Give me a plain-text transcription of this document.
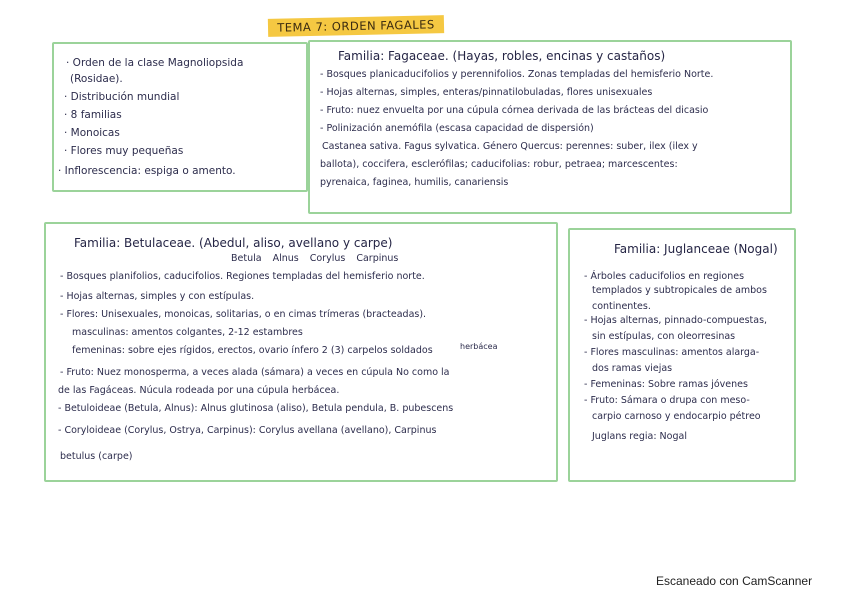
TEMA 7: ORDEN FAGALES
· Orden de la clase Magnoliopsida
(Rosidae).
· Distribución mundial
· 8 familias
· Monoicas
· Flores muy pequeñas
· Inflorescencia: espiga o amento.
Familia: Fagaceae. (Hayas, robles, encinas y castaños)
- Bosques planicaducifolios y perennifolios. Zonas templadas del hemisferio Norte.
- Hojas alternas, simples, enteras/pinnatilobuladas, flores unisexuales
- Fruto: nuez envuelta por una cúpula córnea derivada de las brácteas del dicasio
- Polinización anemófila (escasa capacidad de dispersión)
Castanea sativa. Fagus sylvatica. Género Quercus: perennes: suber, ilex (ilex y
ballota), coccifera, esclerófilas; caducifolias: robur, petraea; marcescentes:
pyrenaica, faginea, humilis, canariensis
Familia: Betulaceae. (Abedul, aliso, avellano y carpe)
Betula Alnus Corylus Carpinus
- Bosques planifolios, caducifolios. Regiones templadas del hemisferio norte.
- Hojas alternas, simples y con estípulas.
- Flores: Unisexuales, monoicas, solitarias, o en cimas trímeras (bracteadas).
masculinas: amentos colgantes, 2-12 estambres
femeninas: sobre ejes rígidos, erectos, ovario ínfero 2 (3) carpelos soldados	herbácea
- Fruto: Nuez monosperma, a veces alada (sámara) a veces en cúpula No como la
de las Fagáceas. Núcula rodeada por una cúpula herbácea.
- Betuloideae (Betula, Alnus): Alnus glutinosa (aliso), Betula pendula, B. pubescens
- Coryloideae (Corylus, Ostrya, Carpinus): Corylus avellana (avellano), Carpinus
betulus (carpe)
Familia: Juglanceae (Nogal)
- Árboles caducifolios en regiones
templados y subtropicales de ambos
continentes.
- Hojas alternas, pinnado-compuestas,
sin estípulas, con oleorresinas
- Flores masculinas: amentos alarga-
dos ramas viejas
- Femeninas: Sobre ramas jóvenes
- Fruto: Sámara o drupa con meso-
carpio carnoso y endocarpio pétreo
Juglans regia: Nogal
Escaneado con CamScanner
